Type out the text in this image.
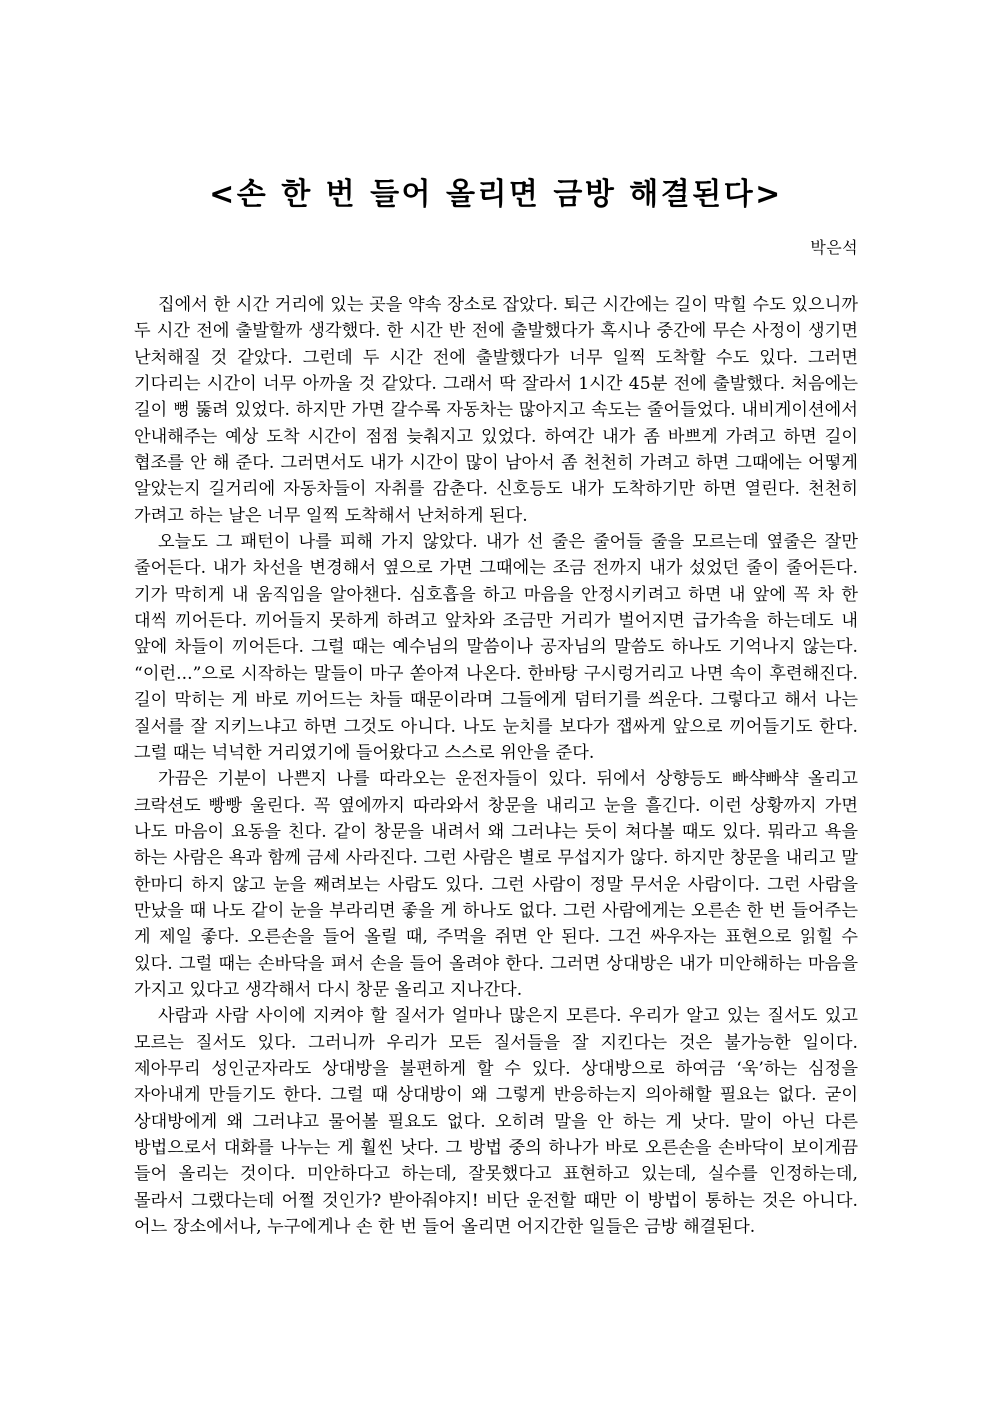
<손 한 번 들어 올리면 금방 해결된다>
박은석

집에서 한 시간 거리에 있는 곳을 약속 장소로 잡았다. 퇴근 시간에는 길이 막힐 수도 있으니까 두 시간 전에 출발할까 생각했다. 한 시간 반 전에 출발했다가 혹시나 중간에 무슨 사정이 생기면 난처해질 것 같았다. 그런데 두 시간 전에 출발했다가 너무 일찍 도착할 수도 있다. 그러면 기다리는 시간이 너무 아까울 것 같았다. 그래서 딱 잘라서 1시간 45분 전에 출발했다. 처음에는 길이 뻥 뚫려 있었다. 하지만 가면 갈수록 자동차는 많아지고 속도는 줄어들었다. 내비게이션에서 안내해주는 예상 도착 시간이 점점 늦춰지고 있었다. 하여간 내가 좀 바쁘게 가려고 하면 길이 협조를 안 해 준다. 그러면서도 내가 시간이 많이 남아서 좀 천천히 가려고 하면 그때에는 어떻게 알았는지 길거리에 자동차들이 자취를 감춘다. 신호등도 내가 도착하기만 하면 열린다. 천천히 가려고 하는 날은 너무 일찍 도착해서 난처하게 된다.

오늘도 그 패턴이 나를 피해 가지 않았다. 내가 선 줄은 줄어들 줄을 모르는데 옆줄은 잘만 줄어든다. 내가 차선을 변경해서 옆으로 가면 그때에는 조금 전까지 내가 섰었던 줄이 줄어든다. 기가 막히게 내 움직임을 알아챈다. 심호흡을 하고 마음을 안정시키려고 하면 내 앞에 꼭 차 한 대씩 끼어든다. 끼어들지 못하게 하려고 앞차와 조금만 거리가 벌어지면 급가속을 하는데도 내 앞에 차들이 끼어든다. 그럴 때는 예수님의 말씀이나 공자님의 말씀도 하나도 기억나지 않는다. “이런...”으로 시작하는 말들이 마구 쏟아져 나온다. 한바탕 구시렁거리고 나면 속이 후련해진다. 길이 막히는 게 바로 끼어드는 차들 때문이라며 그들에게 덤터기를 씌운다. 그렇다고 해서 나는 질서를 잘 지키느냐고 하면 그것도 아니다. 나도 눈치를 보다가 잽싸게 앞으로 끼어들기도 한다. 그럴 때는 넉넉한 거리였기에 들어왔다고 스스로 위안을 준다.

가끔은 기분이 나쁜지 나를 따라오는 운전자들이 있다. 뒤에서 상향등도 빠샥빠샥 올리고 크락션도 빵빵 울린다. 꼭 옆에까지 따라와서 창문을 내리고 눈을 흘긴다. 이런 상황까지 가면 나도 마음이 요동을 친다. 같이 창문을 내려서 왜 그러냐는 듯이 쳐다볼 때도 있다. 뭐라고 욕을 하는 사람은 욕과 함께 금세 사라진다. 그런 사람은 별로 무섭지가 않다. 하지만 창문을 내리고 말 한마디 하지 않고 눈을 째려보는 사람도 있다. 그런 사람이 정말 무서운 사람이다. 그런 사람을 만났을 때 나도 같이 눈을 부라리면 좋을 게 하나도 없다. 그런 사람에게는 오른손 한 번 들어주는 게 제일 좋다. 오른손을 들어 올릴 때, 주먹을 쥐면 안 된다. 그건 싸우자는 표현으로 읽힐 수 있다. 그럴 때는 손바닥을 펴서 손을 들어 올려야 한다. 그러면 상대방은 내가 미안해하는 마음을 가지고 있다고 생각해서 다시 창문 올리고 지나간다.

사람과 사람 사이에 지켜야 할 질서가 얼마나 많은지 모른다. 우리가 알고 있는 질서도 있고 모르는 질서도 있다. 그러니까 우리가 모든 질서들을 잘 지킨다는 것은 불가능한 일이다. 제아무리 성인군자라도 상대방을 불편하게 할 수 있다. 상대방으로 하여금 ‘욱’하는 심정을 자아내게 만들기도 한다. 그럴 때 상대방이 왜 그렇게 반응하는지 의아해할 필요는 없다. 굳이 상대방에게 왜 그러냐고 물어볼 필요도 없다. 오히려 말을 안 하는 게 낫다. 말이 아닌 다른 방법으로서 대화를 나누는 게 훨씬 낫다. 그 방법 중의 하나가 바로 오른손을 손바닥이 보이게끔 들어 올리는 것이다. 미안하다고 하는데, 잘못했다고 표현하고 있는데, 실수를 인정하는데, 몰라서 그랬다는데 어쩔 것인가? 받아줘야지! 비단 운전할 때만 이 방법이 통하는 것은 아니다. 어느 장소에서나, 누구에게나 손 한 번 들어 올리면 어지간한 일들은 금방 해결된다.
